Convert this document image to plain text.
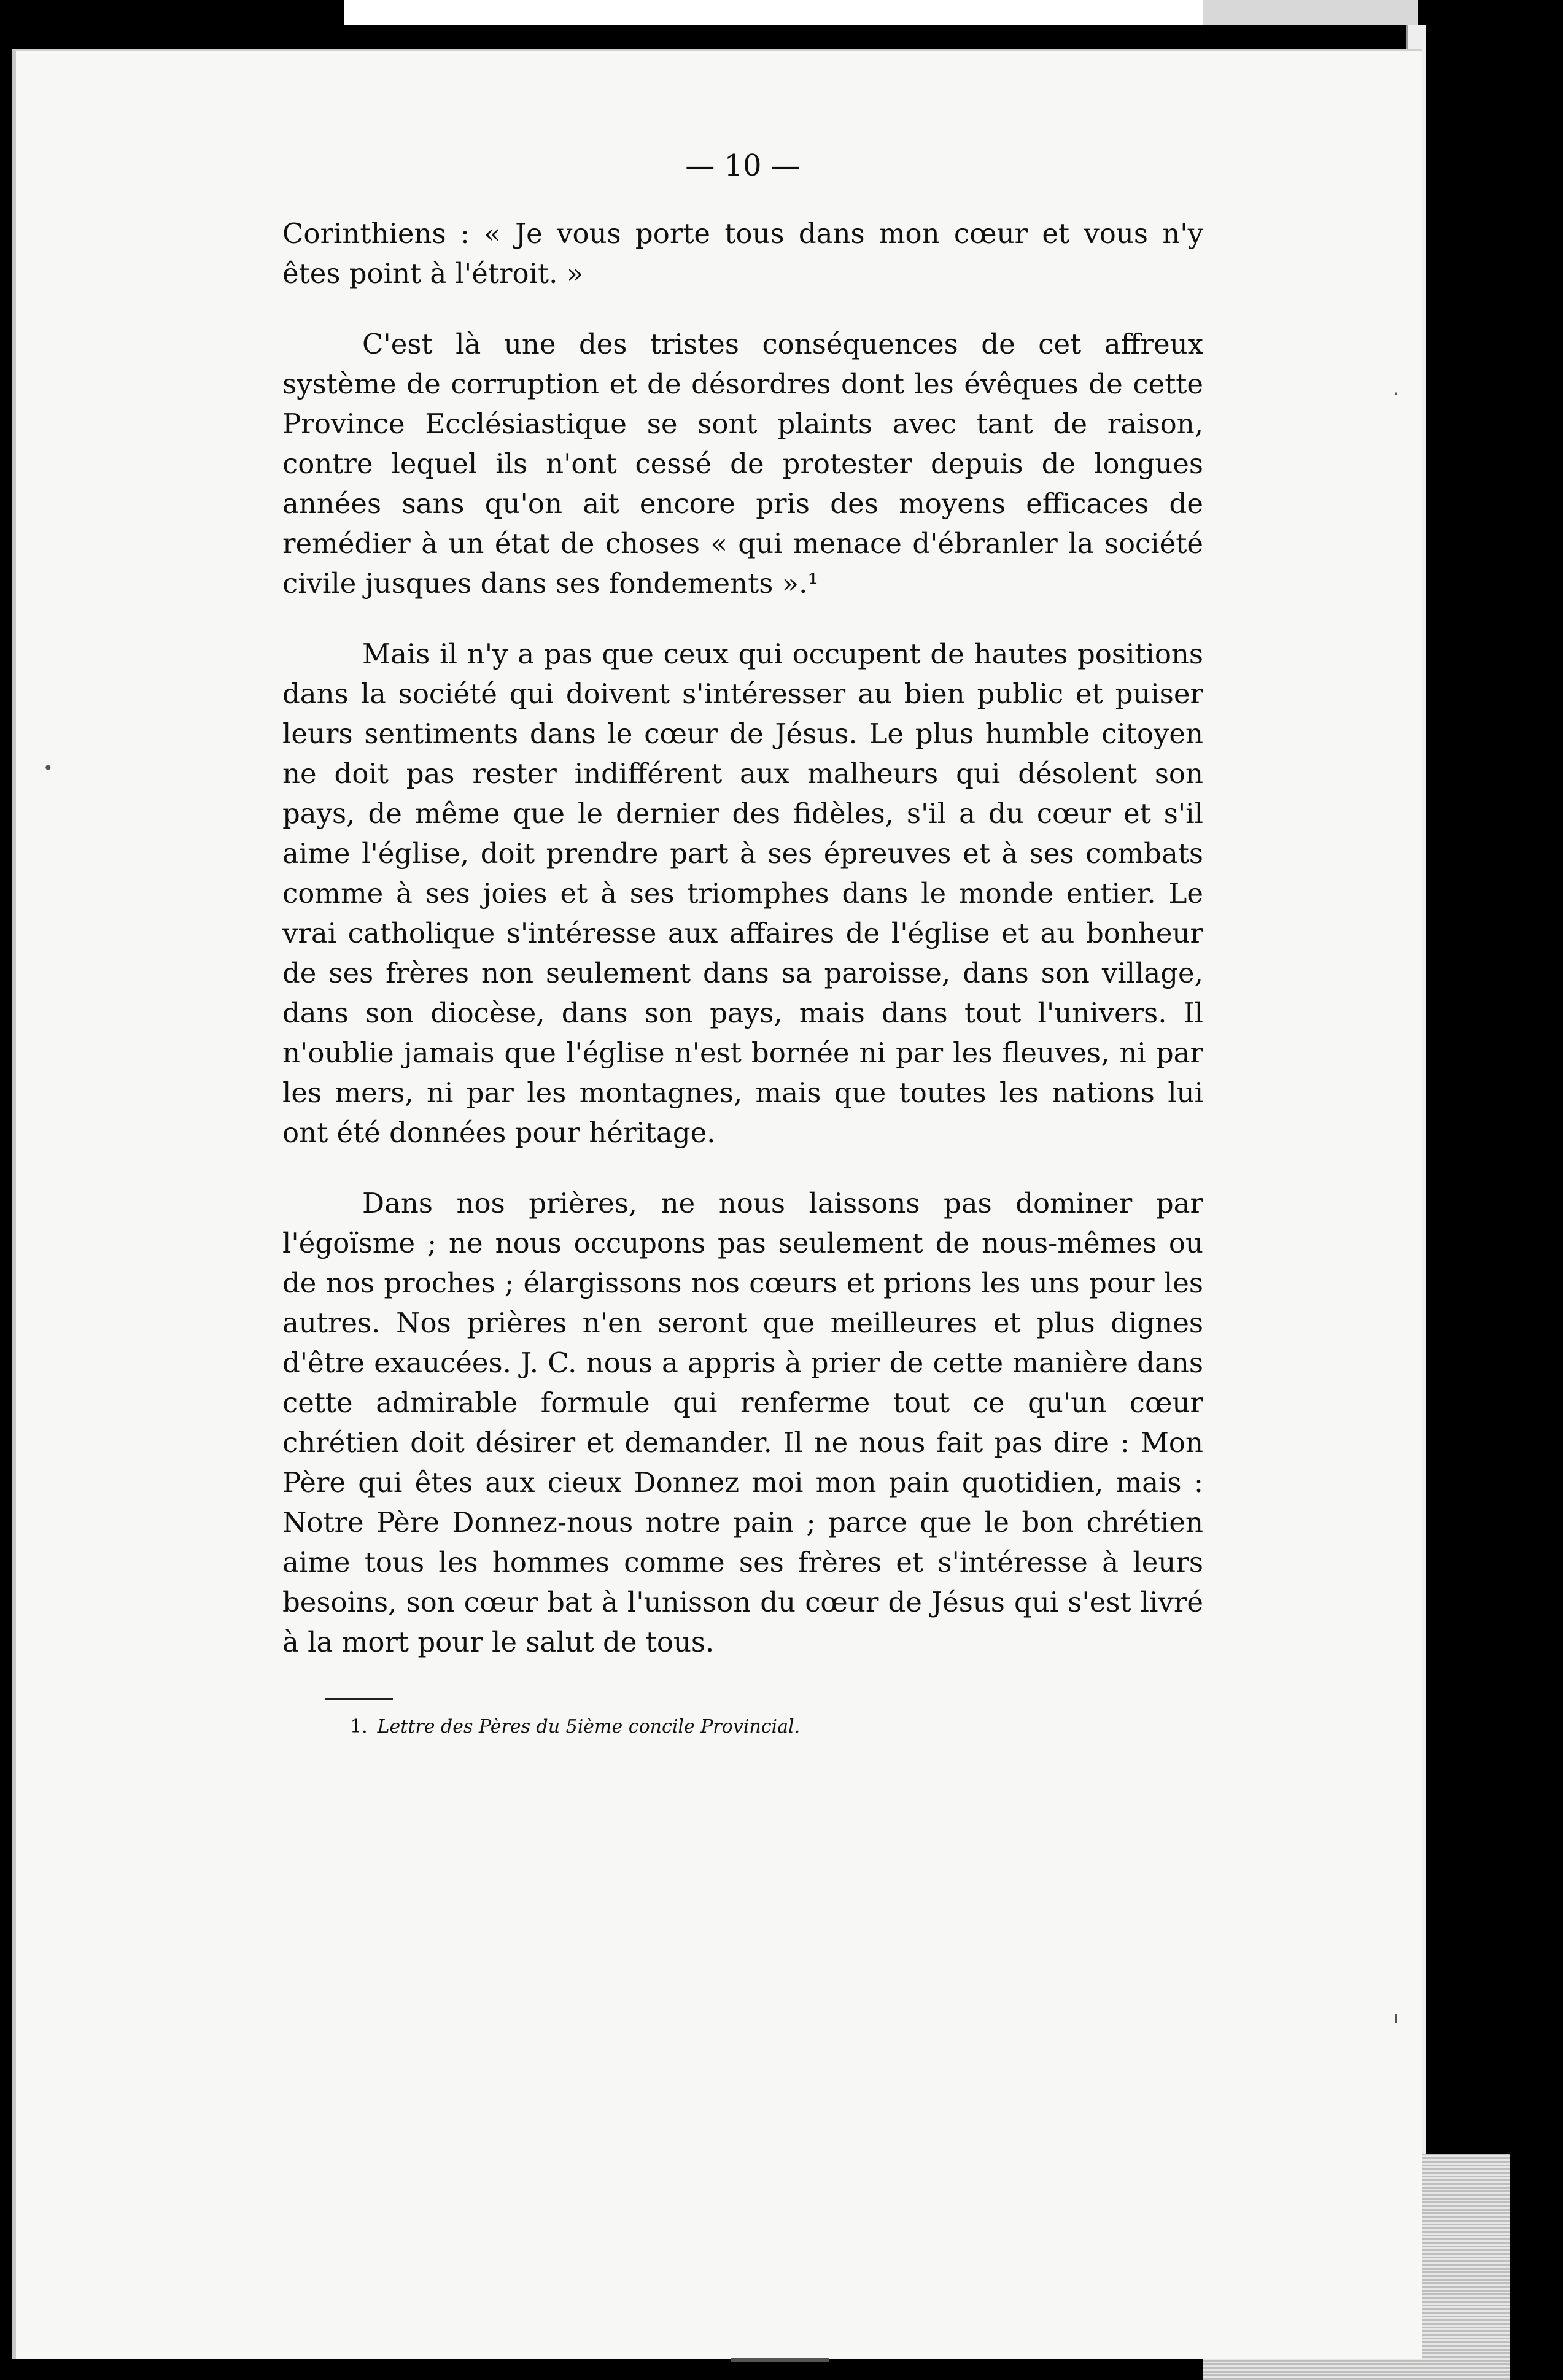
— 10 —

Corinthiens : « Je vous porte tous dans mon cœur et vous n'y êtes point à l'étroit. »

C'est là une des tristes conséquences de cet affreux système de corruption et de désordres dont les évêques de cette Province Ecclésiastique se sont plaints avec tant de raison, contre lequel ils n'ont cessé de protester depuis de longues années sans qu'on ait encore pris des moyens efficaces de remédier à un état de choses « qui menace d'ébranler la société civile jusques dans ses fondements ».¹

Mais il n'y a pas que ceux qui occupent de hautes positions dans la société qui doivent s'intéresser au bien public et puiser leurs sentiments dans le cœur de Jésus. Le plus humble citoyen ne doit pas rester indifférent aux malheurs qui désolent son pays, de même que le dernier des fidèles, s'il a du cœur et s'il aime l'église, doit prendre part à ses épreuves et à ses combats comme à ses joies et à ses triomphes dans le monde entier. Le vrai catholique s'intéresse aux affaires de l'église et au bonheur de ses frères non seulement dans sa paroisse, dans son village, dans son diocèse, dans son pays, mais dans tout l'univers. Il n'oublie jamais que l'église n'est bornée ni par les fleuves, ni par les mers, ni par les montagnes, mais que toutes les nations lui ont été données pour héritage.

Dans nos prières, ne nous laissons pas dominer par l'égoïsme ; ne nous occupons pas seulement de nous-mêmes ou de nos proches ; élargissons nos cœurs et prions les uns pour les autres. Nos prières n'en seront que meilleures et plus dignes d'être exaucées. J. C. nous a appris à prier de cette manière dans cette admirable formule qui renferme tout ce qu'un cœur chrétien doit désirer et demander. Il ne nous fait pas dire : Mon Père qui êtes aux cieux Donnez moi mon pain quotidien, mais : Notre Père Donnez-nous notre pain ; parce que le bon chrétien aime tous les hommes comme ses frères et s'intéresse à leurs besoins, son cœur bat à l'unisson du cœur de Jésus qui s'est livré à la mort pour le salut de tous.

1. Lettre des Pères du 5ième concile Provincial.
·
•
ı
